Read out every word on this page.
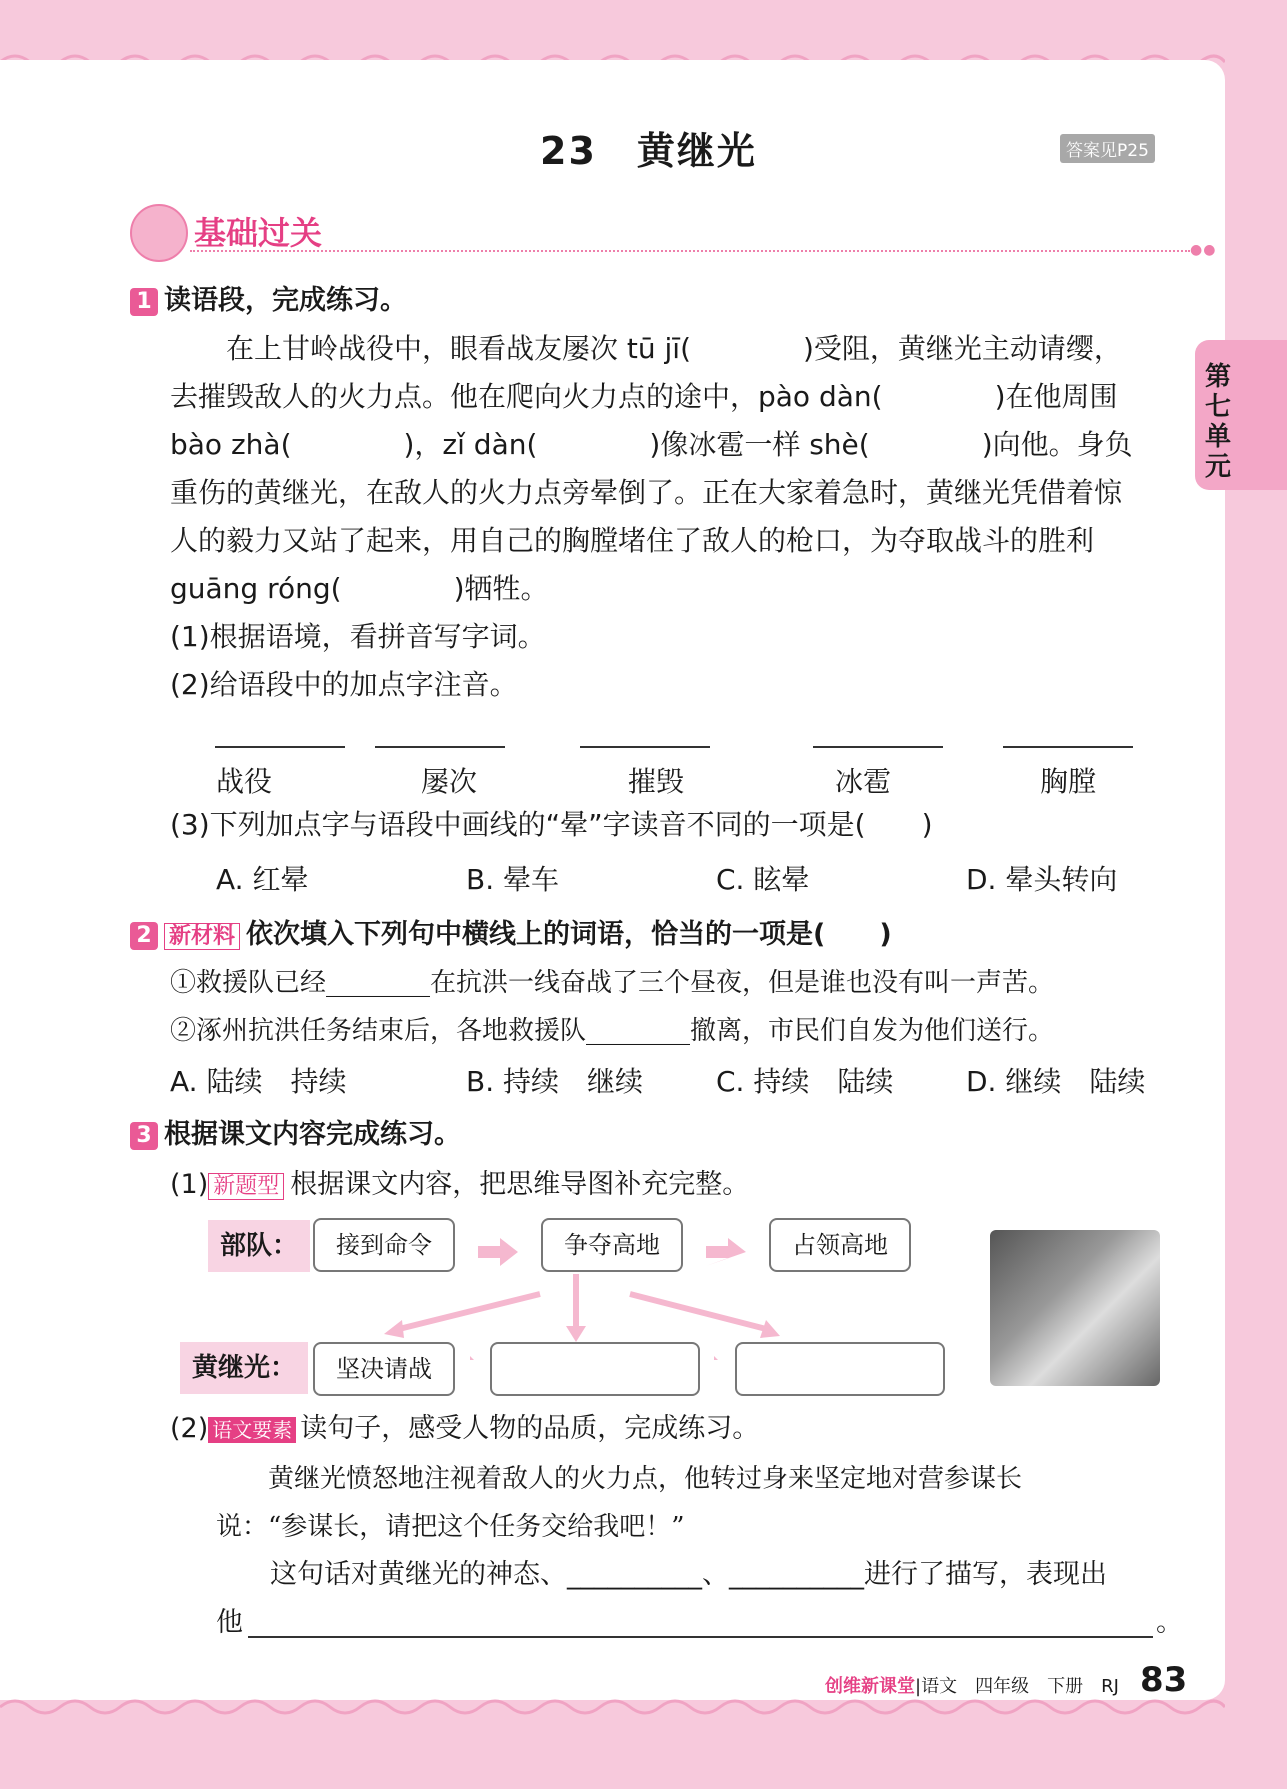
第七单元
23　黄继光	答案见P25
基础过关	●●
1 读语段，完成练习。
　　在上甘岭战役中，眼看战友屡次 tū jī(　　　　)受阻，黄继光主动请缨，
去摧毁敌人的火力点。他在爬向火力点的途中，pào dàn(　　　　)在他周围
bào zhà(　　　　)，zǐ dàn(　　　　)像冰雹一样 shè(　　　　)向他。身负
重伤的黄继光，在敌人的火力点旁晕倒了。正在大家着急时，黄继光凭借着惊
人的毅力又站了起来，用自己的胸膛堵住了敌人的枪口，为夺取战斗的胜利
guāng róng(　　　　)牺牲。
(1)根据语境，看拼音写字词。
(2)给语段中的加点字注音。
战役	屡次	摧毁	冰雹	胸膛
(3)下列加点字与语段中画线的“晕”字读音不同的一项是(　　)
A. 红晕	B. 晕车	C. 眩晕	D. 晕头转向
2 新材料 依次填入下列句中横线上的词语，恰当的一项是(　　)
①救援队已经________在抗洪一线奋战了三个昼夜，但是谁也没有叫一声苦。
②涿州抗洪任务结束后，各地救援队________撤离，市民们自发为他们送行。
A. 陆续　持续	B. 持续　继续	C. 持续　陆续	D. 继续　陆续
3 根据课文内容完成练习。
(1) 新题型 根据课文内容，把思维导图补充完整。
部队：	接到命令	争夺高地	占领高地
黄继光：	坚决请战
(2) 语文要素 读句子，感受人物的品质，完成练习。
　　黄继光愤怒地注视着敌人的火力点，他转过身来坚定地对营参谋长
说：“参谋长，请把这个任务交给我吧！”
　　这句话对黄继光的神态、__________、__________进行了描写，表现出
他	。
创维新课堂|语文　四年级　下册　RJ 83
